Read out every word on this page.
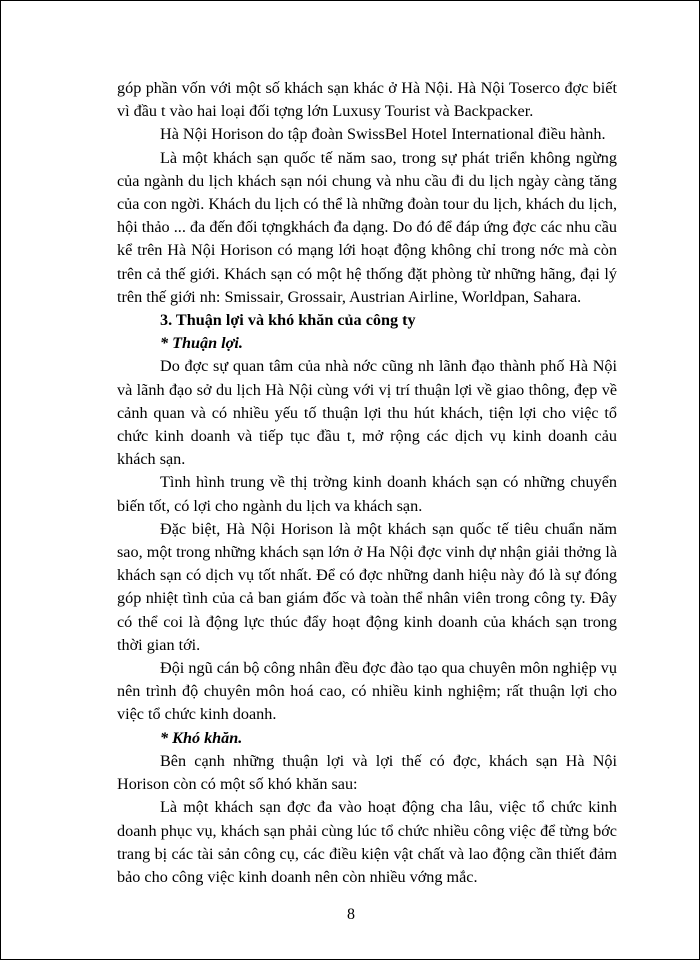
góp phần vốn với một số khách sạn khác ở Hà Nội. Hà Nội Toserco đợc biết vì đầu t vào hai loại đối tợng lớn Luxusy Tourist và Backpacker.

Hà Nội Horison do tập đoàn SwissBel Hotel International điều hành.

Là một khách sạn quốc tế năm sao, trong sự phát triển không ngừng của ngành du lịch khách sạn nói chung và nhu cầu đi du lịch ngày càng tăng của con ngời. Khách du lịch có thể là những đoàn tour du lịch, khách du lịch, hội thảo ... đa đến đối tợngkhách đa dạng. Do đó để đáp ứng đợc các nhu cầu kể trên Hà Nội Horison có mạng lới hoạt động không chỉ trong nớc mà còn trên cả thế giới. Khách sạn có một hệ thống đặt phòng từ những hãng, đại lý trên thế giới nh: Smissair, Grossair, Austrian Airline, Worldpan, Sahara.

3. Thuận lợi và khó khăn của công ty

* Thuận lợi.

Do đợc sự quan tâm của nhà nớc cũng nh lãnh đạo thành phố Hà Nội và lãnh đạo sở du lịch Hà Nội cùng với vị trí thuận lợi về giao thông, đẹp về cảnh quan và có nhiều yếu tố thuận lợi thu hút khách, tiện lợi cho việc tổ chức kinh doanh và tiếp tục đầu t, mở rộng các dịch vụ kinh doanh cảu khách sạn.

Tình hình trung về thị trờng kinh doanh khách sạn có những chuyển biến tốt, có lợi cho ngành du lịch va khách sạn.

Đặc biệt, Hà Nội Horison là một khách sạn quốc tế tiêu chuẩn năm sao, một trong những khách sạn lớn ở Ha Nội đợc vinh dự nhận giải thởng là khách sạn có dịch vụ tốt nhất. Để có đợc những danh hiệu này đó là sự đóng góp nhiệt tình của cả ban giám đốc và toàn thể nhân viên trong công ty. Đây có thể coi là động lực thúc đẩy hoạt động kinh doanh của khách sạn trong thời gian tới.

Đội ngũ cán bộ công nhân đều đợc đào tạo qua chuyên môn nghiệp vụ nên trình độ chuyên môn hoá cao, có nhiều kinh nghiệm; rất thuận lợi cho việc tổ chức kinh doanh.

* Khó khăn.

Bên cạnh những thuận lợi và lợi thế có đợc, khách sạn Hà Nội Horison còn có một số khó khăn sau:

Là một khách sạn đợc đa vào hoạt động cha lâu, việc tổ chức kinh doanh phục vụ, khách sạn phải cùng lúc tổ chức nhiều công việc để từng bớc trang bị các tài sản công cụ, các điều kiện vật chất và lao động cần thiết đảm bảo cho công việc kinh doanh nên còn nhiều vớng mắc.

8
